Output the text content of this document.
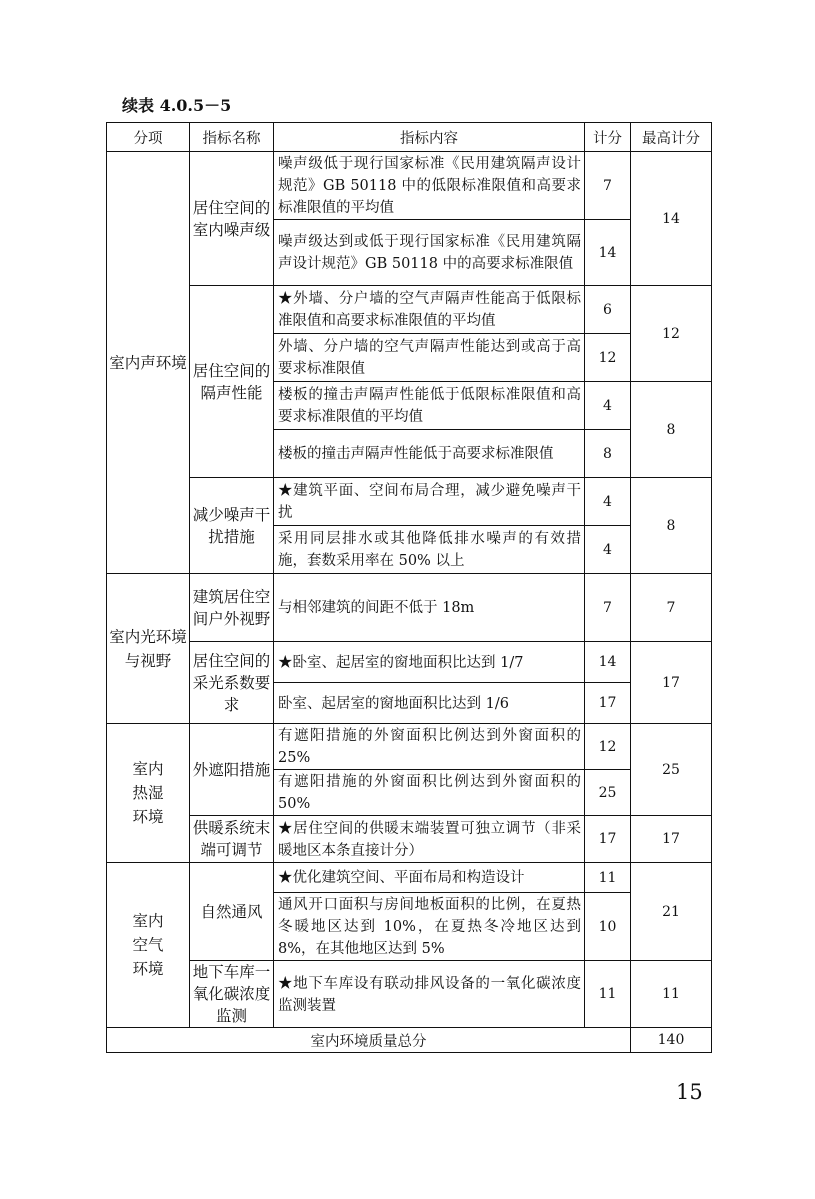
续表 4.0.5－5
分项	指标名称	指标内容	计分	最高计分
室内声环境	居住空间的室内噪声级	噪声级低于现行国家标准《民用建筑隔声设计规范》GB 50118 中的低限标准限值和高要求标准限值的平均值	7	14
		噪声级达到或低于现行国家标准《民用建筑隔声设计规范》GB 50118 中的高要求标准限值	14	
	居住空间的隔声性能	★外墙、分户墙的空气声隔声性能高于低限标准限值和高要求标准限值的平均值	6	12
		外墙、分户墙的空气声隔声性能达到或高于高要求标准限值	12	
		楼板的撞击声隔声性能低于低限标准限值和高要求标准限值的平均值	4	8
		楼板的撞击声隔声性能低于高要求标准限值	8	
	减少噪声干扰措施	★建筑平面、空间布局合理，减少避免噪声干扰	4	8
		采用同层排水或其他降低排水噪声的有效措施，套数采用率在 50% 以上	4	
室内光环境与视野	建筑居住空间户外视野	与相邻建筑的间距不低于 18m	7	7
	居住空间的采光系数要求	★卧室、起居室的窗地面积比达到 1/7	14	17
		卧室、起居室的窗地面积比达到 1/6	17	
室内热湿环境	外遮阳措施	有遮阳措施的外窗面积比例达到外窗面积的 25%	12	25
		有遮阳措施的外窗面积比例达到外窗面积的 50%	25	
	供暖系统末端可调节	★居住空间的供暖末端装置可独立调节（非采暖地区本条直接计分）	17	17
室内空气环境	自然通风	★优化建筑空间、平面布局和构造设计	11	21
		通风开口面积与房间地板面积的比例，在夏热冬暖地区达到 10%，在夏热冬冷地区达到 8%，在其他地区达到 5%	10	
	地下车库一氧化碳浓度监测	★地下车库设有联动排风设备的一氧化碳浓度监测装置	11	11
室内环境质量总分				140
15
